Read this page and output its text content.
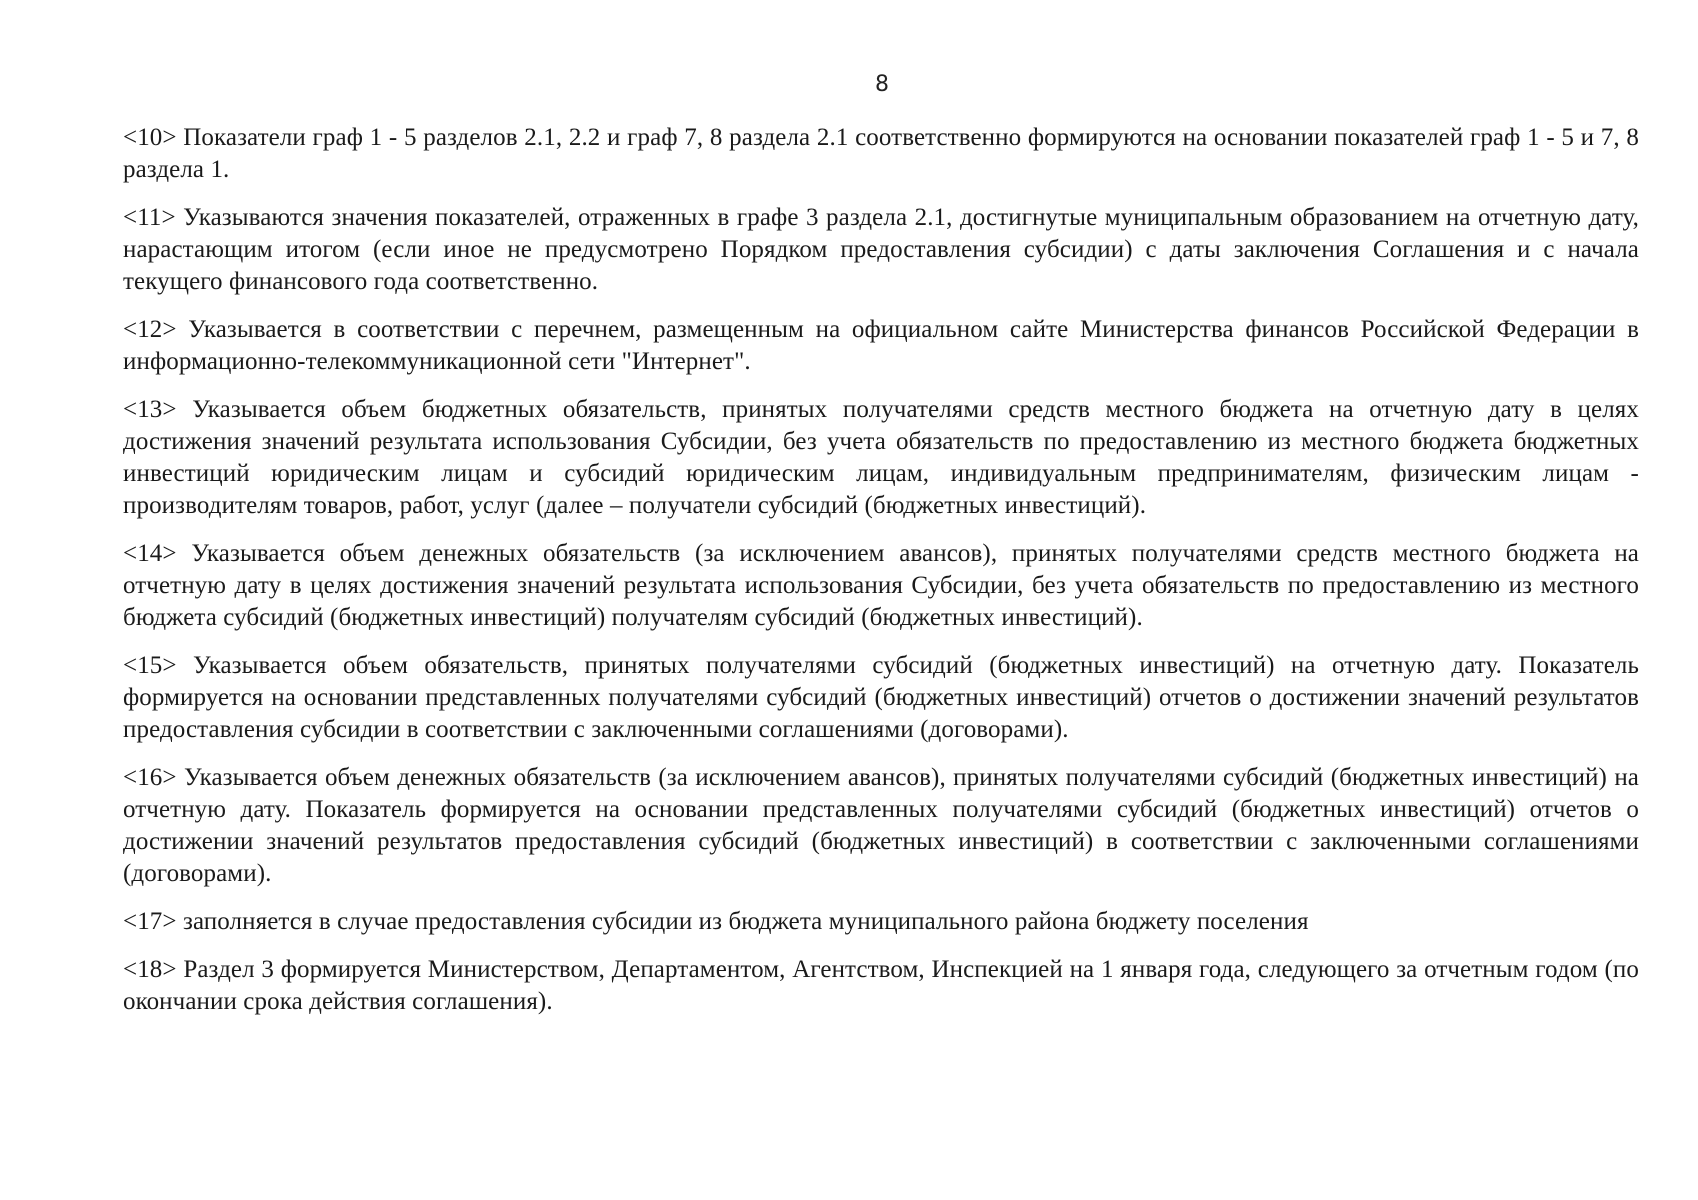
8

<10> Показатели граф 1 - 5 разделов 2.1, 2.2 и граф 7, 8 раздела 2.1 соответственно формируются на основании показателей граф 1 - 5 и 7, 8 раздела 1.

<11> Указываются значения показателей, отраженных в графе 3 раздела 2.1, достигнутые муниципальным образованием на отчетную дату, нарастающим итогом (если иное не предусмотрено Порядком предоставления субсидии) с даты заключения Соглашения и с начала текущего финансового года соответственно.

<12> Указывается в соответствии с перечнем, размещенным на официальном сайте Министерства финансов Российской Федерации в информационно-телекоммуникационной сети "Интернет".

<13> Указывается объем бюджетных обязательств, принятых получателями средств местного бюджета на отчетную дату в целях достижения значений результата использования Субсидии, без учета обязательств по предоставлению из местного бюджета бюджетных инвестиций юридическим лицам и субсидий юридическим лицам, индивидуальным предпринимателям, физическим лицам - производителям товаров, работ, услуг (далее – получатели субсидий (бюджетных инвестиций).

<14> Указывается объем денежных обязательств (за исключением авансов), принятых получателями средств местного бюджета на отчетную дату в целях достижения значений результата использования Субсидии, без учета обязательств по предоставлению из местного бюджета субсидий (бюджетных инвестиций) получателям субсидий (бюджетных инвестиций).

<15> Указывается объем обязательств, принятых получателями субсидий (бюджетных инвестиций) на отчетную дату. Показатель формируется на основании представленных получателями субсидий (бюджетных инвестиций) отчетов о достижении значений результатов предоставления субсидии в соответствии с заключенными соглашениями (договорами).

<16> Указывается объем денежных обязательств (за исключением авансов), принятых получателями субсидий (бюджетных инвестиций) на отчетную дату. Показатель формируется на основании представленных получателями субсидий (бюджетных инвестиций) отчетов о достижении значений результатов предоставления субсидий (бюджетных инвестиций) в соответствии с заключенными соглашениями (договорами).

<17> заполняется в случае предоставления субсидии из бюджета муниципального района бюджету поселения

<18> Раздел 3 формируется Министерством, Департаментом, Агентством, Инспекцией на 1 января года, следующего за отчетным годом (по окончании срока действия соглашения).
